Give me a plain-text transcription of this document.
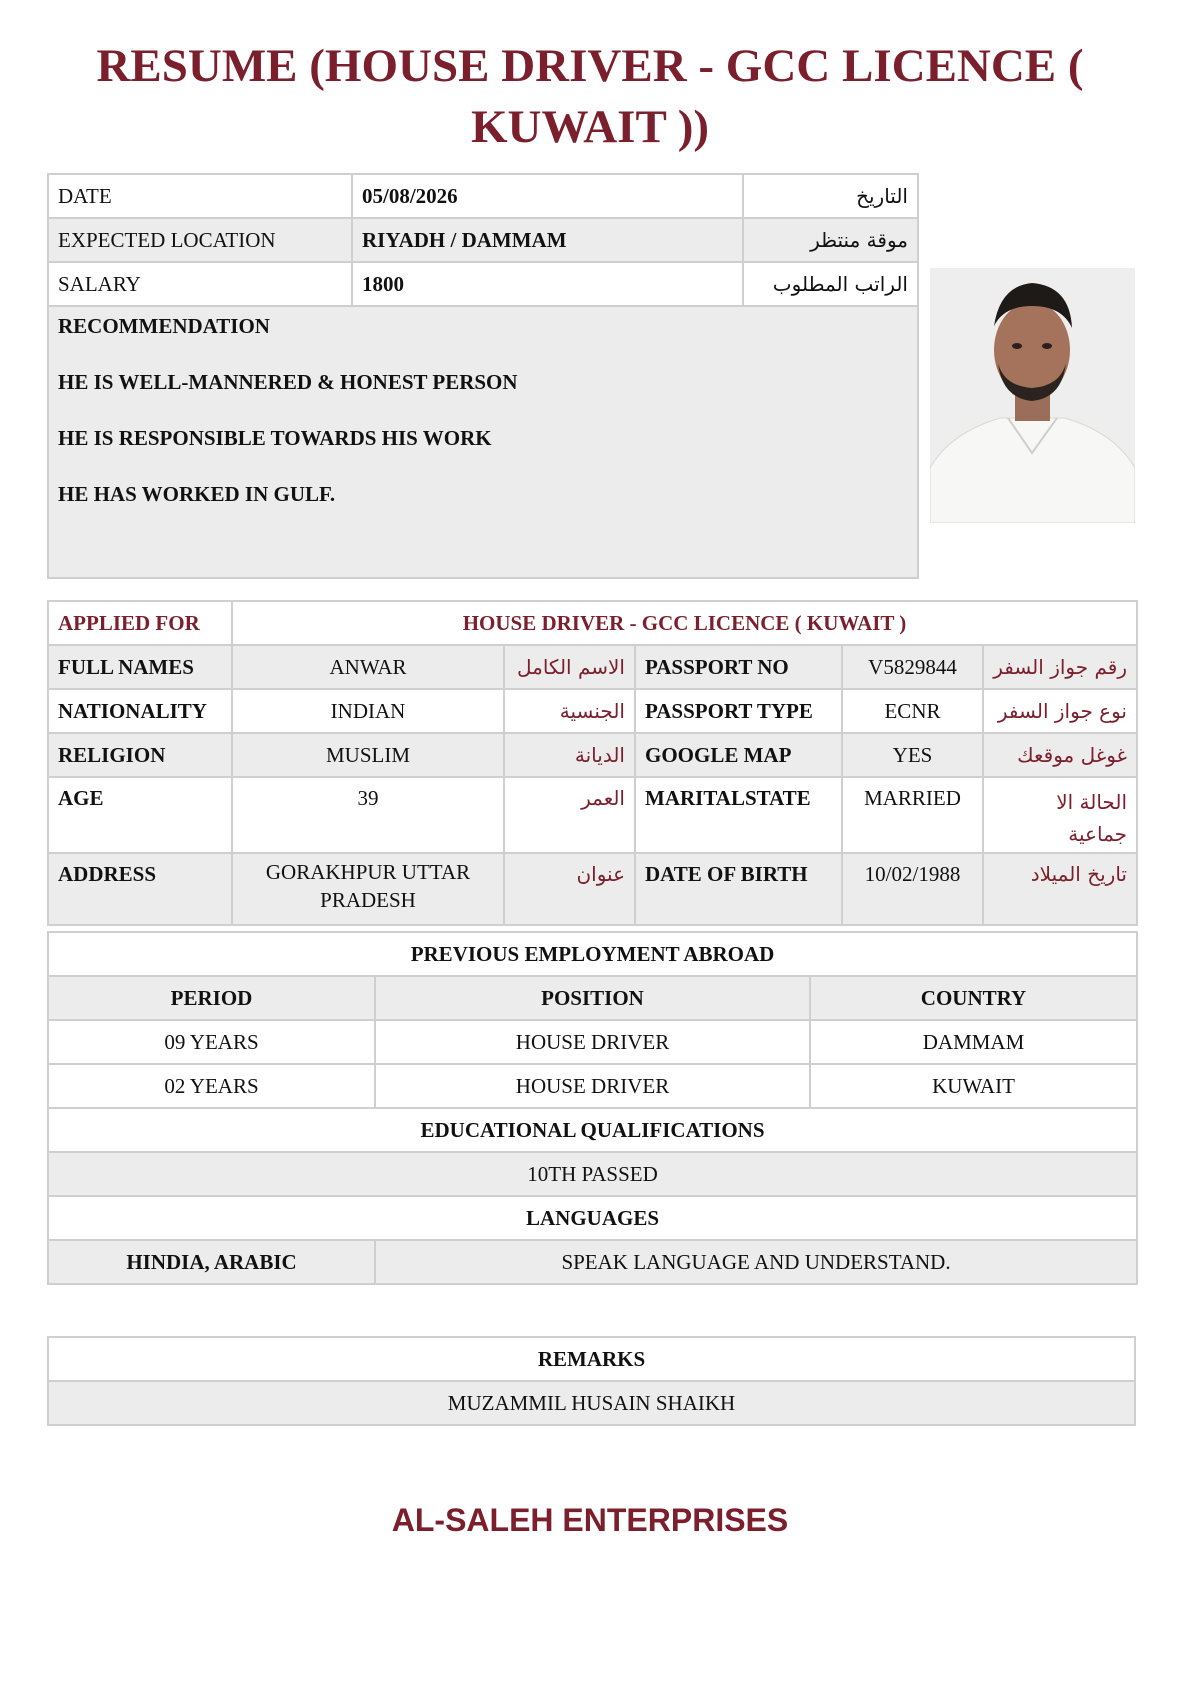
RESUME (HOUSE DRIVER - GCC LICENCE ( KUWAIT ))
DATE	05/08/2026	التاريخ
EXPECTED LOCATION	RIYADH / DAMMAM	موقة منتظر
SALARY	1800	الراتب المطلوب

RECOMMENDATION

HE IS WELL-MANNERED & HONEST PERSON

HE IS RESPONSIBLE TOWARDS HIS WORK

HE HAS WORKED IN GULF.		

APPLIED FOR	HOUSE DRIVER - GCC LICENCE ( KUWAIT )				
FULL NAMES	ANWAR	الاسم الكامل	PASSPORT NO	V5829844	رقم جواز السفر
NATIONALITY	INDIAN	الجنسية	PASSPORT TYPE	ECNR	نوع جواز السفر
RELIGION	MUSLIM	الديانة	GOOGLE MAP	YES	غوغل موقعك
AGE	39	العمر	MARITALSTATE	MARRIED	الحالة الا جماعية
ADDRESS	GORAKHPUR UTTAR PRADESH	عنوان	DATE OF BIRTH	10/02/1988	تاريخ الميلاد
PREVIOUS EMPLOYMENT ABROAD		
PERIOD	POSITION	COUNTRY
09 YEARS	HOUSE DRIVER	DAMMAM
02 YEARS	HOUSE DRIVER	KUWAIT
EDUCATIONAL QUALIFICATIONS		
10TH PASSED		
LANGUAGES		
HINDIA, ARABIC	SPEAK LANGUAGE AND UNDERSTAND.	
REMARKS
MUZAMMIL HUSAIN SHAIKH
AL-SALEH ENTERPRISES
